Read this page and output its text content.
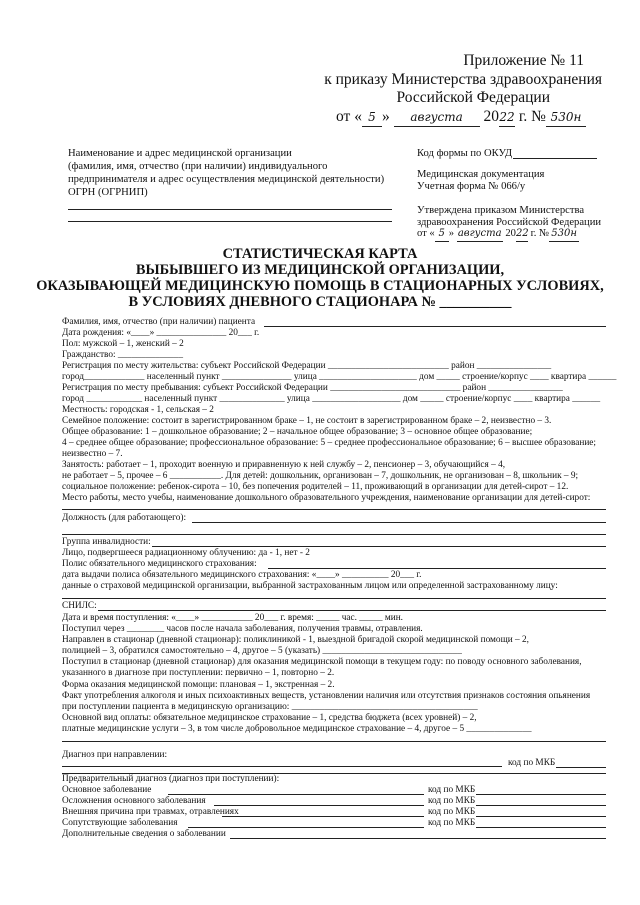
Приложение № 11
к приказу Министерства здравоохранения
Российской Федерации
от « 5 » августа 2022 г. № 530н
Наименование и адрес медицинской организации
(фамилия, имя, отчество (при наличии) индивидуального
предпринимателя и адрес осуществления медицинской деятельности)
ОГРН (ОГРНИП)
Код формы по ОКУД
Медицинская документация
Учетная форма № 066/у
Утверждена приказом Министерства
здравоохранения Российской Федерации
от « 5 » августа 2022 г. № 530н
СТАТИСТИЧЕСКАЯ КАРТА
ВЫБЫВШЕГО ИЗ МЕДИЦИНСКОЙ ОРГАНИЗАЦИИ,
ОКАЗЫВАЮЩЕЙ МЕДИЦИНСКУЮ ПОМОЩЬ В СТАЦИОНАРНЫХ УСЛОВИЯХ,
В УСЛОВИЯХ ДНЕВНОГО СТАЦИОНАРА № __________
Фамилия, имя, отчество (при наличии) пациента
Дата рождения: «____» _______________ 20___ г.
Пол: мужской – 1, женский – 2
Гражданство: ______________
Регистрация по месту жительства: субъект Российской Федерации __________________________ район ________________
город_____________ населенный пункт _______________ улица _____________________ дом _____ строение/корпус ____ квартира ______
Регистрация по месту пребывания: субъект Российской Федерации ____________________________ район ________________
город ____________ населенный пункт ______________ улица ___________________ дом _____ строение/корпус ____ квартира ______
Местность: городская - 1, сельская – 2
Семейное положение: состоит в зарегистрированном браке – 1, не состоит в зарегистрированном браке – 2, неизвестно – 3.
Общее образование: 1 – дошкольное образование; 2 – начальное общее образование; 3 – основное общее образование;
4 – среднее общее образование; профессиональное образование: 5 – среднее профессиональное образование; 6 – высшее образование;
неизвестно – 7.
Занятость: работает – 1, проходит военную и приравненную к ней службу – 2, пенсионер – 3, обучающийся – 4,
не работает – 5, прочее – 6 ___________. Для детей: дошкольник, организован – 7, дошкольник, не организован – 8, школьник – 9;
социальное положение: ребенок-сирота – 10, без попечения родителей – 11, проживающий в организации для детей-сирот – 12.
Место работы, место учебы, наименование дошкольного образовательного учреждения, наименование организации для детей-сирот:
Должность (для работающего):
Группа инвалидности:
Лицо, подвергшееся радиационному облучению: да - 1, нет - 2
Полис обязательного медицинского страхования:
дата выдачи полиса обязательного медицинского страхования: «____» __________ 20___ г.
данные о страховой медицинской организации, выбранной застрахованным лицом или определенной застрахованному лицу:
СНИЛС:
Дата и время поступления: «____» ___________ 20___ г. время: _____ час. _____ мин.
Поступил через ________ часов после начала заболевания, получения травмы, отравления.
Направлен в стационар (дневной стационар): поликлиникой - 1, выездной бригадой скорой медицинской помощи – 2,
полицией – 3, обратился самостоятельно – 4, другое – 5 (указать) ______________________________
Поступил в стационар (дневной стационар) для оказания медицинской помощи в текущем году: по поводу основного заболевания,
указанного в диагнозе при поступлении: первично – 1, повторно – 2.
Форма оказания медицинской помощи: плановая – 1, экстренная – 2.
Факт употребления алкоголя и иных психоактивных веществ, установлении наличия или отсутствия признаков состояния опьянения
при поступлении пациента в медицинскую организацию: ________________________________________
Основной вид оплаты: обязательное медицинское страхование – 1, средства бюджета (всех уровней) – 2,
платные медицинские услуги – 3, в том числе добровольное медицинское страхование – 4, другое – 5 ______________
Диагноз при направлении:
код по МКБ
Предварительный диагноз (диагноз при поступлении):
Основное заболевание	код по МКБ
Осложнения основного заболевания	код по МКБ
Внешняя причина при травмах, отравлениях	код по МКБ
Сопутствующие заболевания	код по МКБ
Дополнительные сведения о заболевании
